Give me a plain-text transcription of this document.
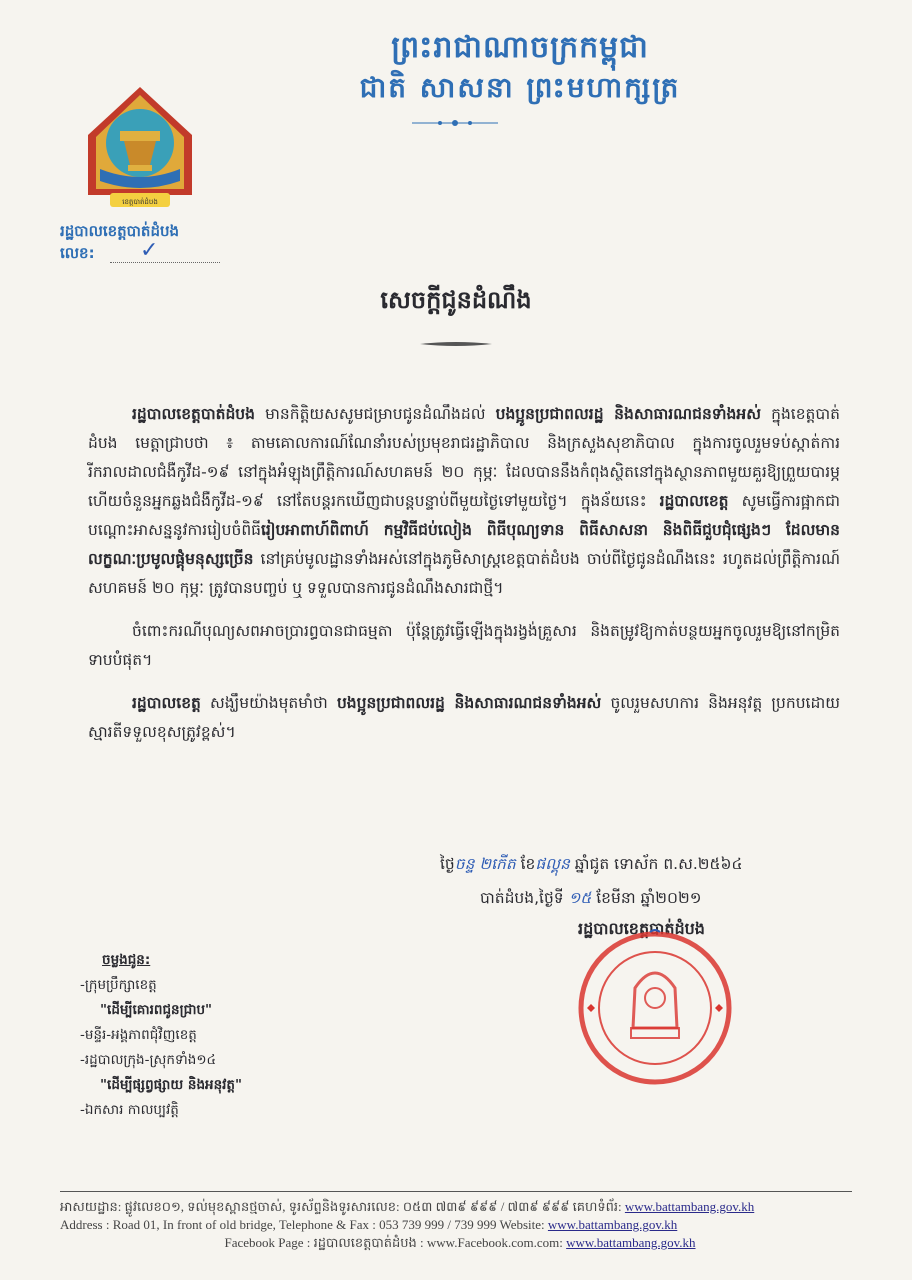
ព្រះរាជាណាចក្រកម្ពុជា
ជាតិ សាសនា ព្រះមហាក្សត្រ
ខេត្តបាត់ដំបង
រដ្ឋបាលខេត្តបាត់ដំបង
លេខ: ✓
សេចក្ដីជូនដំណឹង

រដ្ឋបាលខេត្តបាត់ដំបង មានកិត្តិយសសូមជម្រាបជូនដំណឹងដល់ បងប្អូនប្រជាពលរដ្ឋ និងសាធារណជនទាំងអស់ ក្នុងខេត្តបាត់ដំបង មេត្តាជ្រាបថា ៖ តាមគោលការណ៍ណែនាំរបស់ប្រមុខរាជរដ្ឋាភិបាល និងក្រសួងសុខាភិបាល ក្នុងការចូលរួមទប់ស្កាត់ការរីករាលដាលជំងឺកូវីដ-១៩ នៅក្នុងអំឡុងព្រឹត្តិការណ៍សហគមន៍ ២០ កុម្ភៈ ដែលបាននឹងកំពុងស្ថិតនៅក្នុងស្ថានភាពមួយគួរឱ្យព្រួយបារម្ភ ហើយចំនួនអ្នកឆ្លងជំងឺកូវីដ-១៩ នៅតែបន្តរកឃើញជាបន្តបន្ទាប់ពីមួយថ្ងៃទៅមួយថ្ងៃ។ ក្នុងន័យនេះ រដ្ឋបាលខេត្ត សូមធ្វើការផ្អាកជាបណ្ដោះអាសន្ននូវការរៀបចំពិធីរៀបអាពាហ៍ពិពាហ៍ កម្មវិធីជប់លៀង ពិធីបុណ្យទាន ពិធីសាសនា និងពិធីជួបជុំផ្សេងៗ ដែលមានលក្ខណៈប្រមូលផ្ដុំមនុស្សច្រើន នៅគ្រប់មូលដ្ឋានទាំងអស់នៅក្នុងភូមិសាស្ត្រខេត្តបាត់ដំបង ចាប់ពីថ្ងៃជូនដំណឹងនេះ រហូតដល់ព្រឹត្តិការណ៍សហគមន៍ ២០ កុម្ភៈ ត្រូវបានបញ្ចប់ ឬ ទទួលបានការជូនដំណឹងសារជាថ្មី។

ចំពោះករណីបុណ្យសពអាចប្រារព្ធបានជាធម្មតា ប៉ុន្តែត្រូវធ្វើឡើងក្នុងរង្វង់គ្រួសារ និងតម្រូវឱ្យកាត់បន្ថយអ្នកចូលរួមឱ្យនៅកម្រិតទាបបំផុត។

រដ្ឋបាលខេត្ត សង្ឃឹមយ៉ាងមុតមាំថា បងប្អូនប្រជាពលរដ្ឋ និងសាធារណជនទាំងអស់ ចូលរួមសហការ និងអនុវត្ត ប្រកបដោយស្មារតីទទួលខុសត្រូវខ្ពស់។

ថ្ងៃចន្ទ ២កើត ខែផល្គុន ឆ្នាំជូត ទោស័ក ព.ស.២៥៦៤
បាត់ដំបង,ថ្ងៃទី ១៥ ខែមីនា ឆ្នាំ២០២១
រដ្ឋបាលខេត្តបាត់ដំបង
ចម្លងជូន:
-ក្រុមប្រឹក្សាខេត្ត
"ដើម្បីគោរពជូនជ្រាប"
-មន្ទីរ-អង្គភាពជុំវិញខេត្ត
-រដ្ឋបាលក្រុង-ស្រុកទាំង១៤
"ដើម្បីផ្សព្វផ្សាយ និងអនុវត្ត"
-ឯកសារ កាលប្បវត្តិ
អាសយដ្ឋាន: ផ្លូវលេខ០១, ទល់មុខស្ពានថ្មចាស់, ទូរស័ព្ទនិងទូរសារលេខ: ០៥៣ ៧៣៩ ៩៩៩ / ៧៣៩ ៩៩៩ គេហទំព័រ: www.battambang.gov.kh
Address : Road 01, In front of old bridge, Telephone & Fax : 053 739 999 / 739 999 Website: www.battambang.gov.kh
Facebook Page : រដ្ឋបាលខេត្តបាត់ដំបង : www.Facebook.com.com: www.battambang.gov.kh
